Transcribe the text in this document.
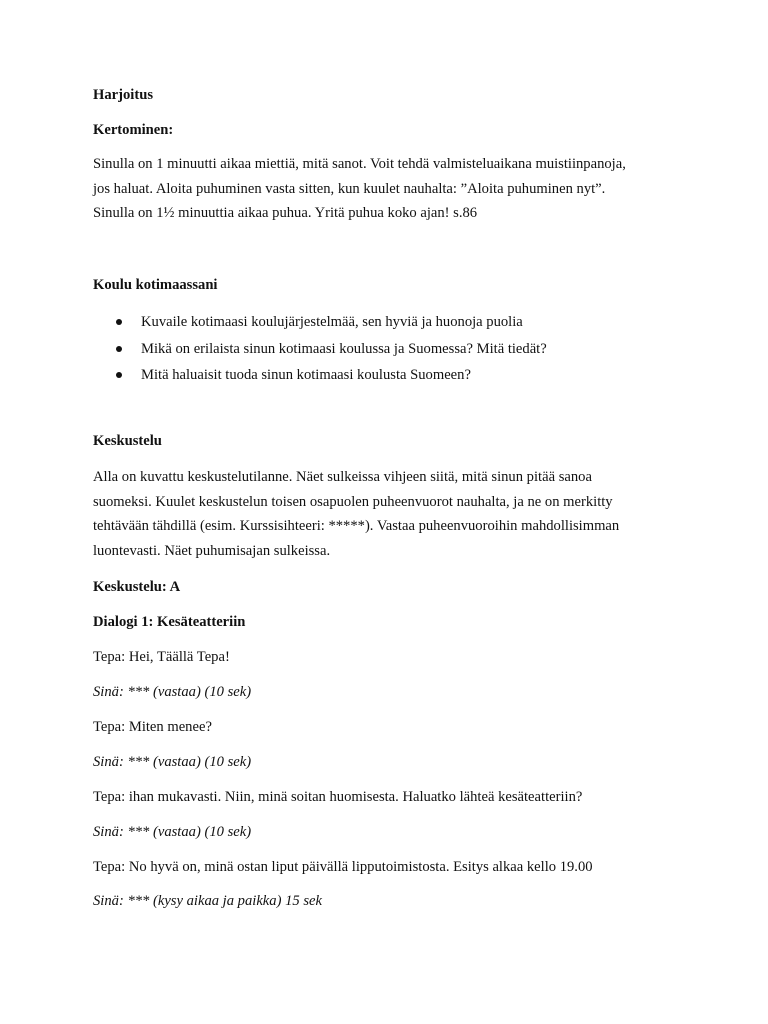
Harjoitus

Kertominen:

Sinulla on 1 minuutti aikaa miettiä, mitä sanot. Voit tehdä valmisteluaikana muistiinpanoja,
jos haluat. Aloita puhuminen vasta sitten, kun kuulet nauhalta: ”Aloita puhuminen nyt”.
Sinulla on 1½ minuuttia aikaa puhua. Yritä puhua koko ajan! s.86

Koulu kotimaassani

Kuvaile kotimaasi koulujärjestelmää, sen hyviä ja huonoja puolia
Mikä on erilaista sinun kotimaasi koulussa ja Suomessa? Mitä tiedät?
Mitä haluaisit tuoda sinun kotimaasi koulusta Suomeen?

Keskustelu

Alla on kuvattu keskustelutilanne. Näet sulkeissa vihjeen siitä, mitä sinun pitää sanoa
suomeksi. Kuulet keskustelun toisen osapuolen puheenvuorot nauhalta, ja ne on merkitty
tehtävään tähdillä (esim. Kurssisihteeri: *****). Vastaa puheenvuoroihin mahdollisimman
luontevasti. Näet puhumisajan sulkeissa.

Keskustelu: A

Dialogi 1: Kesäteatteriin

Tepa: Hei, Täällä Tepa!

Sinä: *** (vastaa) (10 sek)

Tepa: Miten menee?

Sinä: *** (vastaa) (10 sek)

Tepa: ihan mukavasti. Niin, minä soitan huomisesta. Haluatko lähteä kesäteatteriin?

Sinä: *** (vastaa) (10 sek)

Tepa: No hyvä on, minä ostan liput päivällä lipputoimistosta. Esitys alkaa kello 19.00

Sinä: *** (kysy aikaa ja paikka) 15 sek
